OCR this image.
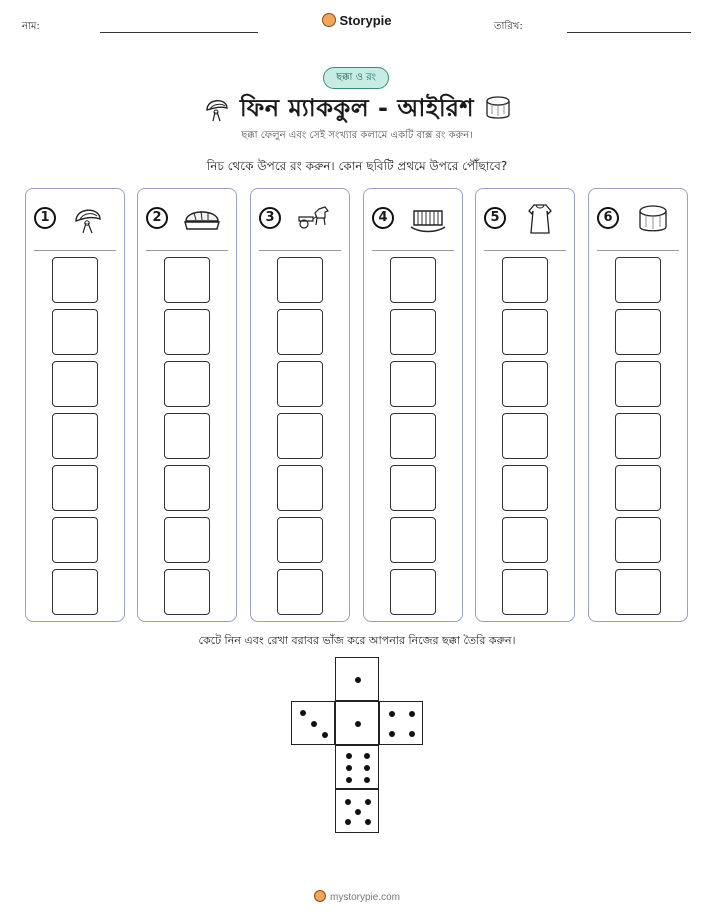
নাম:	Storypie	তারিখ:
ছক্কা ও রং
ফিন ম্যাককুল - আইরিশ
ছক্কা ফেলুন এবং সেই সংখ্যার কলামে একটি বাক্স রং করুন।
নিচ থেকে উপরে রং করুন। কোন ছবিটি প্রথমে উপরে পৌঁছাবে?
1	2	3	4	5	6
কেটে নিন এবং রেখা বরাবর ভাঁজ করে আপনার নিজের ছক্কা তৈরি করুন।
mystorypie.com
